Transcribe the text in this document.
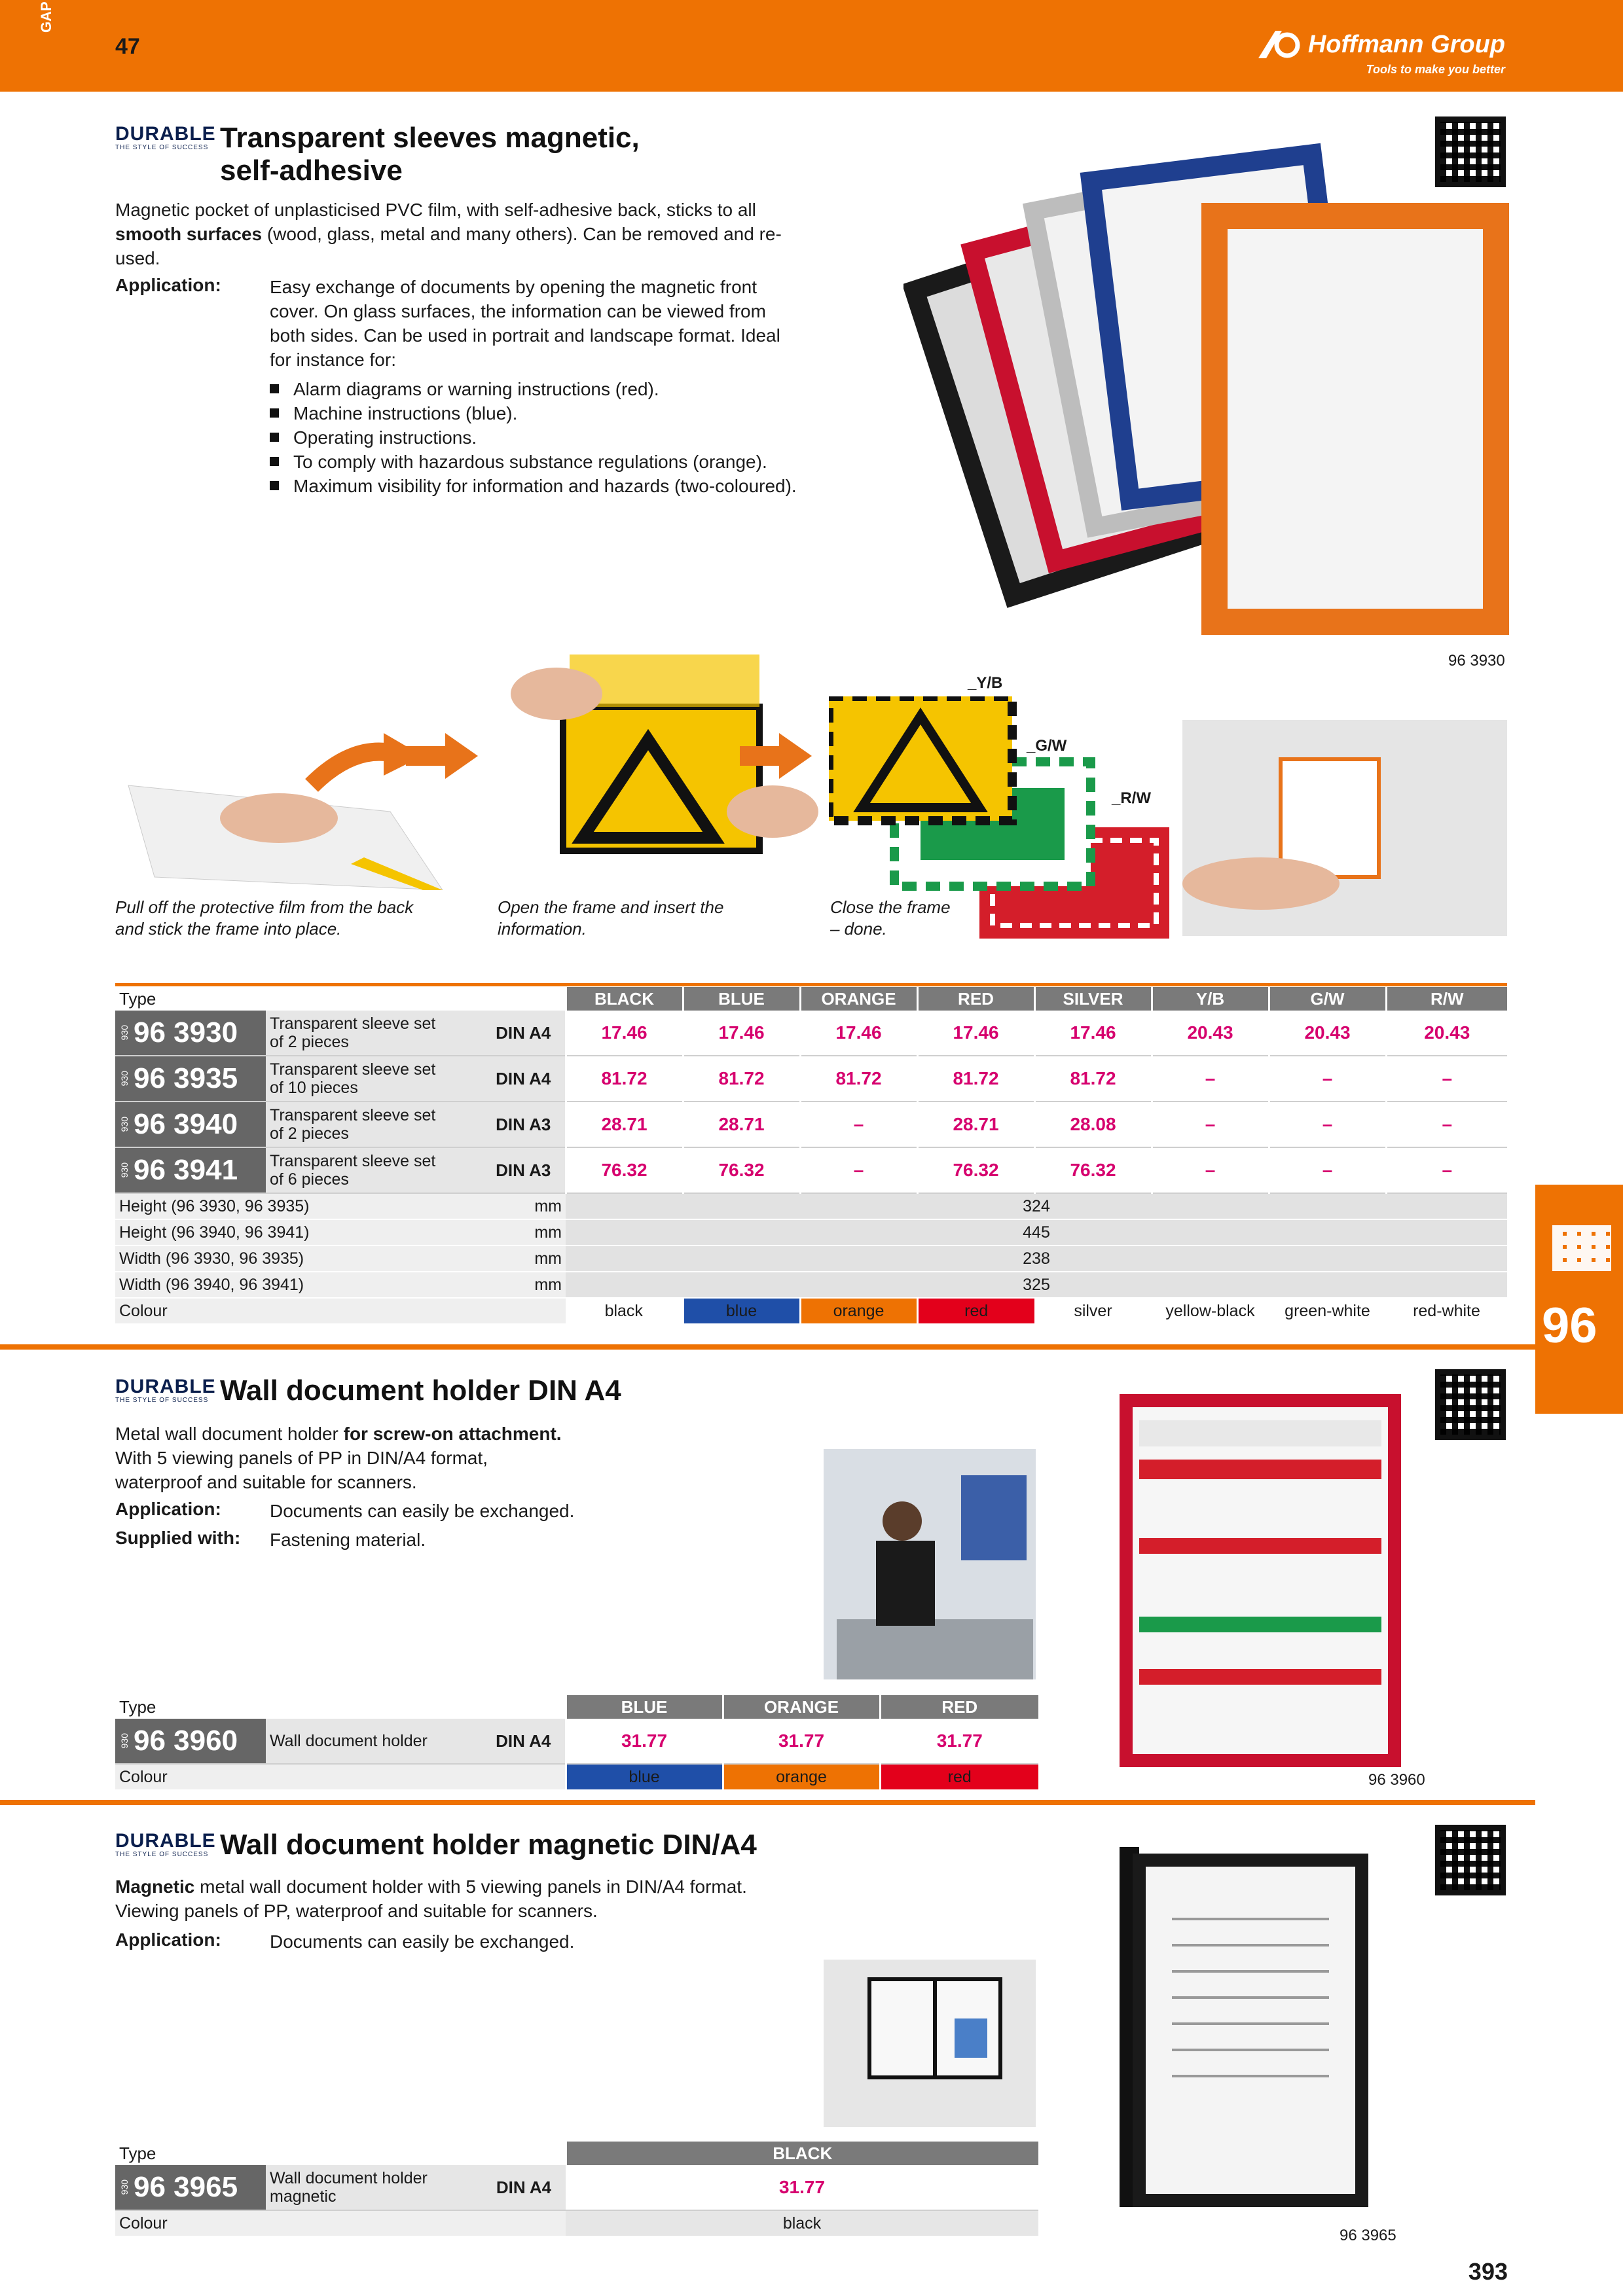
GAP
47	Hoffmann Group
Tools to make you better
DURABLE
THE STYLE OF SUCCESS Transparent sleeves magnetic,
self-adhesive
Magnetic pocket of unplasticised PVC film, with self-adhesive back, sticks to all smooth surfaces (wood, glass, metal and many others). Can be removed and re-used.
Application:	Easy exchange of documents by opening the magnetic front cover. On glass surfaces, the information can be viewed from both sides. Can be used in portrait and landscape format. Ideal for instance for:
Alarm diagrams or warning instructions (red).
Machine instructions (blue).
Operating instructions.
To comply with hazardous substance regulations (orange).
Maximum visibility for information and hazards (two-coloured).
96 3930
_Y/B
_G/W
_R/W
Pull off the protective film from the back and stick the frame into place.
Open the frame and insert the information.
Close the frame – done.
Type			BLACK	BLUE	ORANGE	RED	SILVER	Y/B	G/W	R/W
930 96 3930	Transparent sleeve set
of 2 pieces	DIN A4	17.46	17.46	17.46	17.46	17.46	20.43	20.43	20.43
930 96 3935	Transparent sleeve set
of 10 pieces	DIN A4	81.72	81.72	81.72	81.72	81.72	–	–	–
930 96 3940	Transparent sleeve set
of 2 pieces	DIN A3	28.71	28.71	–	28.71	28.08	–	–	–
930 96 3941	Transparent sleeve set
of 6 pieces	DIN A3	76.32	76.32	–	76.32	76.32	–	–	–
Height (96 3930, 96 3935)		mm	324							
Height (96 3940, 96 3941)		mm	445							
Width (96 3930, 96 3935)		mm	238							
Width (96 3940, 96 3941)		mm	325							
Colour			black	blue	orange	red	silver	yellow-black	green-white	red-white 96
DURABLE
THE STYLE OF SUCCESS Wall document holder DIN A4
Metal wall document holder for screw-on attachment.
With 5 viewing panels of PP in DIN/A4 format,
waterproof and suitable for scanners.
Application:	Documents can easily be exchanged.
Supplied with: Fastening material.
96 3960
Type			BLUE	ORANGE	RED
930 96 3960	Wall document holder	DIN A4	31.77	31.77	31.77
Colour			blue	orange	red
DURABLE
THE STYLE OF SUCCESS Wall document holder magnetic DIN/A4
Magnetic metal wall document holder with 5 viewing panels in DIN/A4 format.
Viewing panels of PP, waterproof and suitable for scanners.
Application:	Documents can easily be exchanged.
96 3965
Type			BLACK
930 96 3965	Wall document holder
magnetic	DIN A4	31.77
Colour			black
393
